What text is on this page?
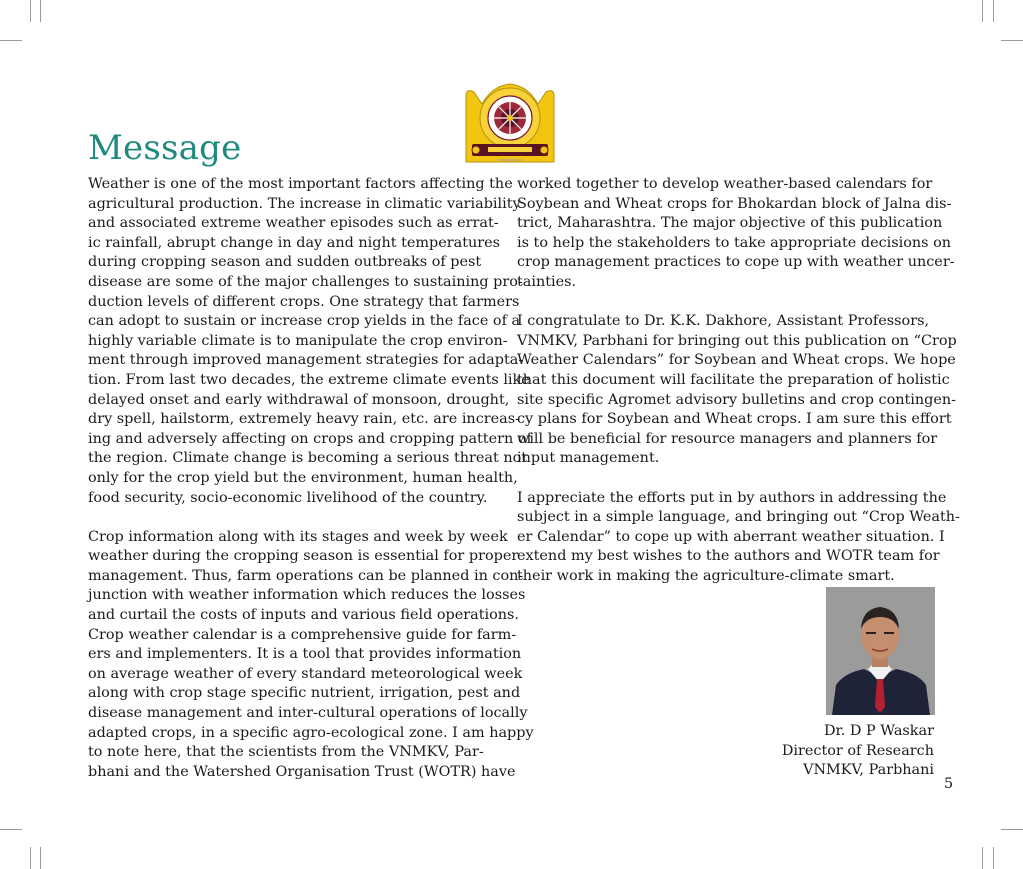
Message
Weather is one of the most important factors affecting the
agricultural production. The increase in climatic variability
and associated extreme weather episodes such as errat-
ic rainfall, abrupt change in day and night temperatures
during cropping season and sudden outbreaks of pest
disease are some of the major challenges to sustaining pro-
duction levels of different crops. One strategy that farmers
can adopt to sustain or increase crop yields in the face of a
highly variable climate is to manipulate the crop environ-
ment through improved management strategies for adapta-
tion. From last two decades, the extreme climate events like
delayed onset and early withdrawal of monsoon, drought,
dry spell, hailstorm, extremely heavy rain, etc. are increas-
ing and adversely affecting on crops and cropping pattern of
the region. Climate change is becoming a serious threat not
only for the crop yield but the environment, human health,
food security, socio-economic livelihood of the country.
Crop information along with its stages and week by week
weather during the cropping season is essential for proper
management. Thus, farm operations can be planned in con-
junction with weather information which reduces the losses
and curtail the costs of inputs and various field operations.
Crop weather calendar is a comprehensive guide for farm-
ers and implementers. It is a tool that provides information
on average weather of every standard meteorological week
along with crop stage specific nutrient, irrigation, pest and
disease management and inter-cultural operations of locally
adapted crops, in a specific agro-ecological zone. I am happy
to note here, that the scientists from the VNMKV, Par-
bhani and the Watershed Organisation Trust (WOTR) have
worked together to develop weather-based calendars for
Soybean and Wheat crops for Bhokardan block of Jalna dis-
trict, Maharashtra. The major objective of this publication
is to help the stakeholders to take appropriate decisions on
crop management practices to cope up with weather uncer-
tainties.
I congratulate to Dr. K.K. Dakhore, Assistant Professors,
VNMKV, Parbhani for bringing out this publication on “Crop
Weather Calendars” for Soybean and Wheat crops. We hope
that this document will facilitate the preparation of holistic
site specific Agromet advisory bulletins and crop contingen-
cy plans for Soybean and Wheat crops. I am sure this effort
will be beneficial for resource managers and planners for
input management.
I appreciate the efforts put in by authors in addressing the
subject in a simple language, and bringing out “Crop Weath-
er Calendar” to cope up with aberrant weather situation. I
extend my best wishes to the authors and WOTR team for
their work in making the agriculture-climate smart.
Dr. D P Waskar
Director of Research
VNMKV, Parbhani
5
